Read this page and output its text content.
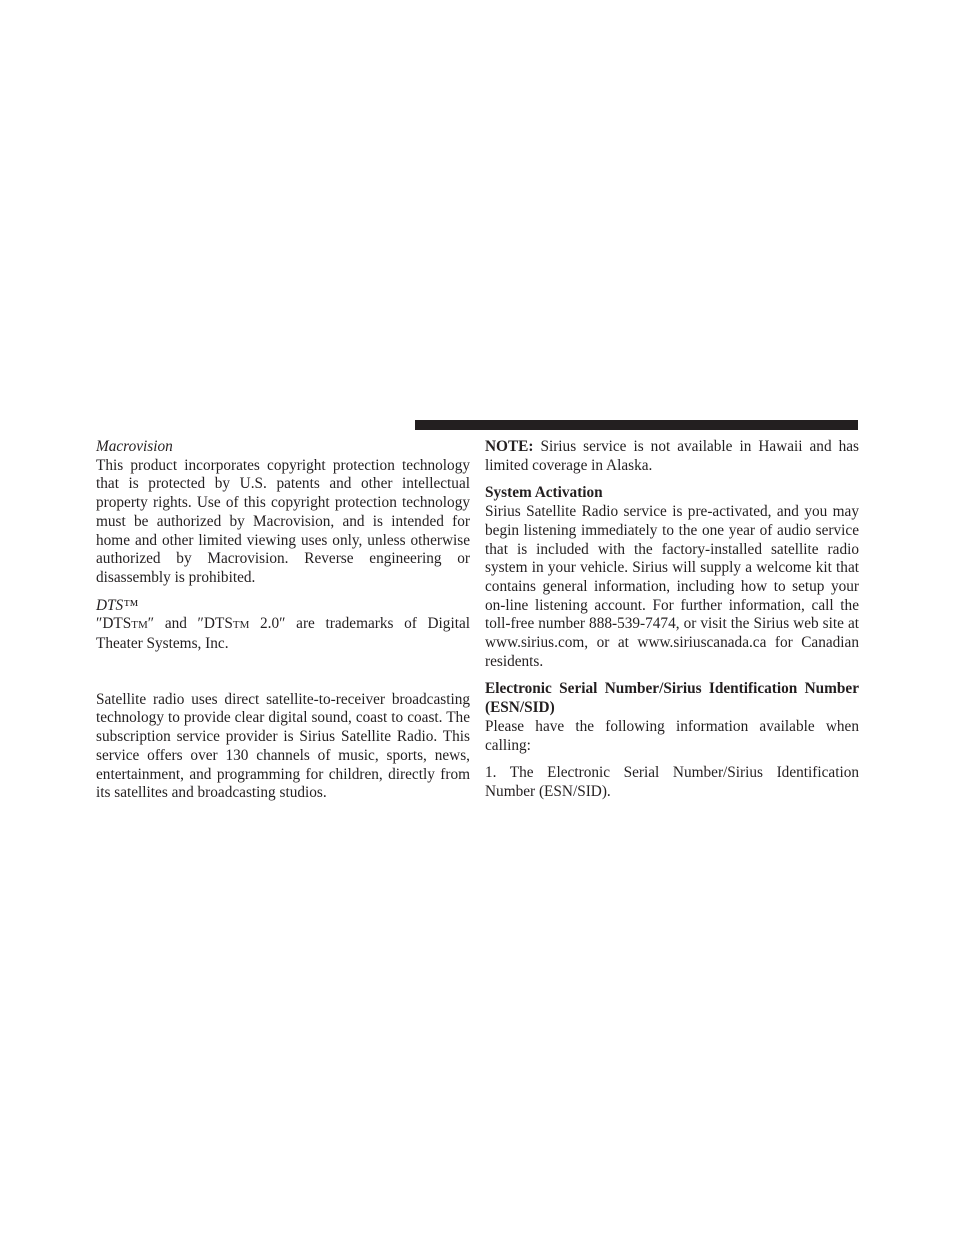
Macrovision

This product incorporates copyright protection technology that is protected by U.S. patents and other intellectual property rights. Use of this copyright protection technology must be authorized by Macrovision, and is intended for home and other limited viewing uses only, unless otherwise authorized by Macrovision. Reverse engineering or disassembly is prohibited.

DTS™

″DTSTM″ and ″DTSTM 2.0″ are trademarks of Digital Theater Systems, Inc.

Satellite radio uses direct satellite-to-receiver broadcasting technology to provide clear digital sound, coast to coast. The subscription service provider is Sirius Satellite Radio. This service offers over 130 channels of music, sports, news, entertainment, and programming for children, directly from its satellites and broadcasting studios.

NOTE: Sirius service is not available in Hawaii and has limited coverage in Alaska.

System Activation

Sirius Satellite Radio service is pre-activated, and you may begin listening immediately to the one year of audio service that is included with the factory-installed satellite radio system in your vehicle. Sirius will supply a welcome kit that contains general information, including how to setup your on-line listening account. For further information, call the toll-free number 888-539-7474, or visit the Sirius web site at www.sirius.com, or at www.siriuscanada.ca for Canadian residents.

Electronic Serial Number/Sirius Identification Number (ESN/SID)

Please have the following information available when calling:

1. The Electronic Serial Number/Sirius Identification Number (ESN/SID).
